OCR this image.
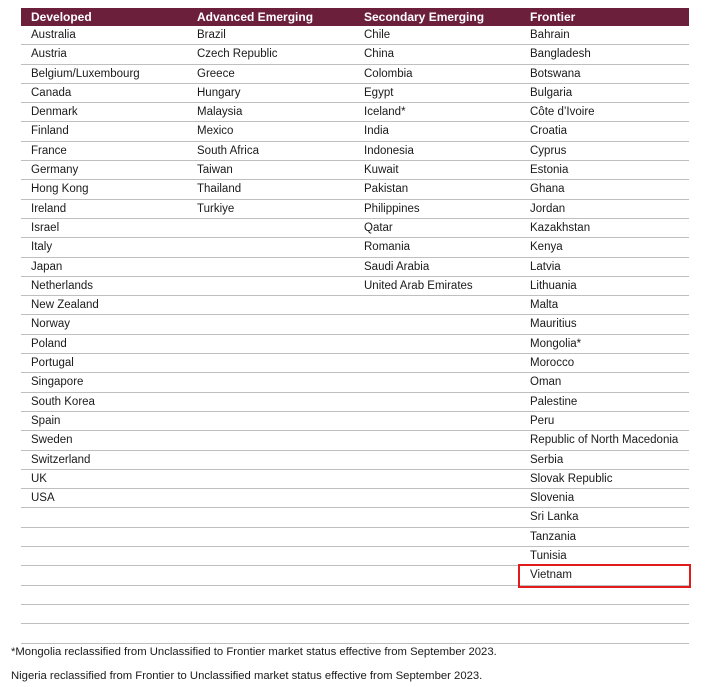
Developed
Australia
Austria
Belgium/Luxembourg
Canada
Denmark
Finland
France
Germany
Hong Kong
Ireland
Israel
Italy
Japan
Netherlands
New Zealand
Norway
Poland
Portugal
Singapore
South Korea
Spain
Sweden
Switzerland
UK
USA
Advanced Emerging
Brazil
Czech Republic
Greece
Hungary
Malaysia
Mexico
South Africa
Taiwan
Thailand
Turkiye
Secondary Emerging
Chile
China
Colombia
Egypt
Iceland*
India
Indonesia
Kuwait
Pakistan
Philippines
Qatar
Romania
Saudi Arabia
United Arab Emirates
Frontier
Bahrain
Bangladesh
Botswana
Bulgaria
Côte d’Ivoire
Croatia
Cyprus
Estonia
Ghana
Jordan
Kazakhstan
Kenya
Latvia
Lithuania
Malta
Mauritius
Mongolia*
Morocco
Oman
Palestine
Peru
Republic of North Macedonia
Serbia
Slovak Republic
Slovenia
Sri Lanka
Tanzania
Tunisia
Vietnam
*Mongolia reclassified from Unclassified to Frontier market status effective from September 2023.
Nigeria reclassified from Frontier to Unclassified market status effective from September 2023.
